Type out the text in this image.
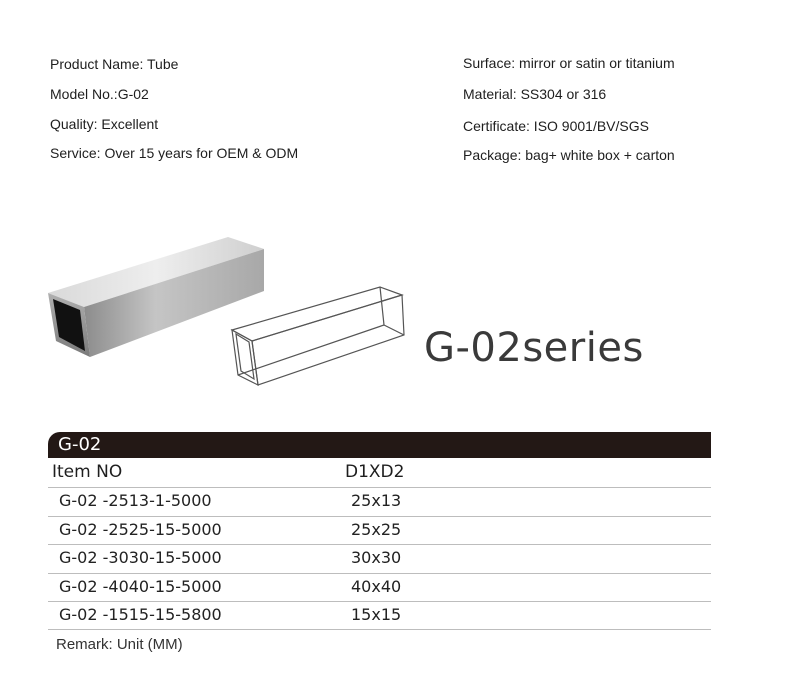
Product Name: Tube
Model No.:G-02
Quality: Excellent
Service: Over 15 years for OEM & ODM
Surface: mirror or satin or titanium
Material: SS304 or 316
Certificate: ISO 9001/BV/SGS
Package: bag+ white box + carton
G-02series
G-02
Item NO	D1XD2
G-02 -2513-1-5000	25x13
G-02 -2525-15-5000	25x25
G-02 -3030-15-5000	30x30
G-02 -4040-15-5000	40x40
G-02 -1515-15-5800	15x15
Remark: Unit (MM)
